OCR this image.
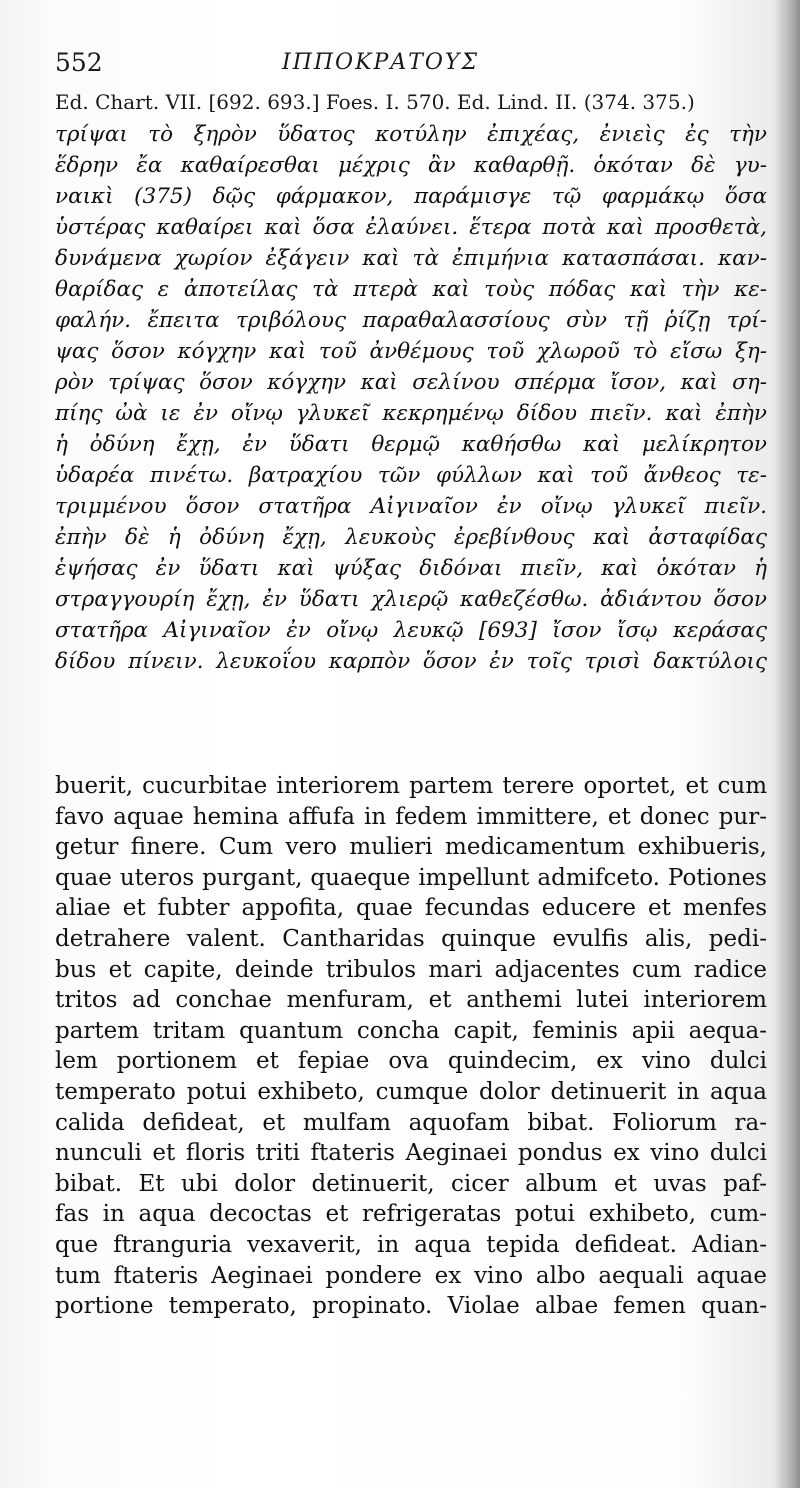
552	ΙΠΠΟΚΡΑΤΟΥΣ
Ed. Chart. VII. [692. 693.] Foes. I. 570. Ed. Lind. II. (374. 375.)
τρίψαι τὸ ξηρὸν ὕδατος κοτύλην ἐπιχέας, ἐνιεὶς ἐς τὴν
ἕδρην ἔα καθαίρεσθαι μέχρις ἂν καθαρθῇ. ὁκόταν δὲ γυ-
ναικὶ (375) δῷς φάρμακον, παράμισγε τῷ φαρμάκῳ ὅσα
ὑστέρας καθαίρει καὶ ὅσα ἐλαύνει. ἕτερα ποτὰ καὶ προσθετὰ,
δυνάμενα χωρίον ἐξάγειν καὶ τὰ ἐπιμήνια κατασπάσαι. καν-
θαρίδας ε ἀποτείλας τὰ πτερὰ καὶ τοὺς πόδας καὶ τὴν κε-
φαλήν. ἔπειτα τριβόλους παραθαλασσίους σὺν τῇ ῥίζῃ τρί-
ψας ὅσον κόγχην καὶ τοῦ ἀνθέμους τοῦ χλωροῦ τὸ εἴσω ξη-
ρὸν τρίψας ὅσον κόγχην καὶ σελίνου σπέρμα ἴσον, καὶ ση-
πίης ὠὰ ιε ἐν οἴνῳ γλυκεῖ κεκρημένῳ δίδου πιεῖν. καὶ ἐπὴν
ἡ ὀδύνη ἔχῃ, ἐν ὕδατι θερμῷ καθήσθω καὶ μελίκρητον
ὑδαρέα πινέτω. βατραχίου τῶν φύλλων καὶ τοῦ ἄνθεος τε-
τριμμένου ὅσον στατῆρα Αἰγιναῖον ἐν οἴνῳ γλυκεῖ πιεῖν.
ἐπὴν δὲ ἡ ὀδύνη ἔχῃ, λευκοὺς ἐρεβίνθους καὶ ἀσταφίδας
ἑψήσας ἐν ὕδατι καὶ ψύξας διδόναι πιεῖν, καὶ ὁκόταν ἡ
στραγγουρίη ἔχῃ, ἐν ὕδατι χλιερῷ καθεζέσθω. ἀδιάντου ὅσον
στατῆρα Αἰγιναῖον ἐν οἴνῳ λευκῷ [693] ἴσον ἴσῳ κεράσας
δίδου πίνειν. λευκοΐου καρπὸν ὅσον ἐν τοῖς τρισὶ δακτύλοις
buerit, cucurbitae interiorem partem terere oportet, et cum
favo aquae hemina affufa in fedem immittere, et donec pur-
getur finere. Cum vero mulieri medicamentum exhibueris,
quae uteros purgant, quaeque impellunt admifceto. Potiones
aliae et fubter appofita, quae fecundas educere et menfes
detrahere valent. Cantharidas quinque evulfis alis, pedi-
bus et capite, deinde tribulos mari adjacentes cum radice
tritos ad conchae menfuram, et anthemi lutei interiorem
partem tritam quantum concha capit, feminis apii aequa-
lem portionem et fepiae ova quindecim, ex vino dulci
temperato potui exhibeto, cumque dolor detinuerit in aqua
calida defideat, et mulfam aquofam bibat. Foliorum ra-
nunculi et floris triti ftateris Aeginaei pondus ex vino dulci
bibat. Et ubi dolor detinuerit, cicer album et uvas paf-
fas in aqua decoctas et refrigeratas potui exhibeto, cum-
que ftranguria vexaverit, in aqua tepida defideat. Adian-
tum ftateris Aeginaei pondere ex vino albo aequali aquae
portione temperato, propinato. Violae albae femen quan-
